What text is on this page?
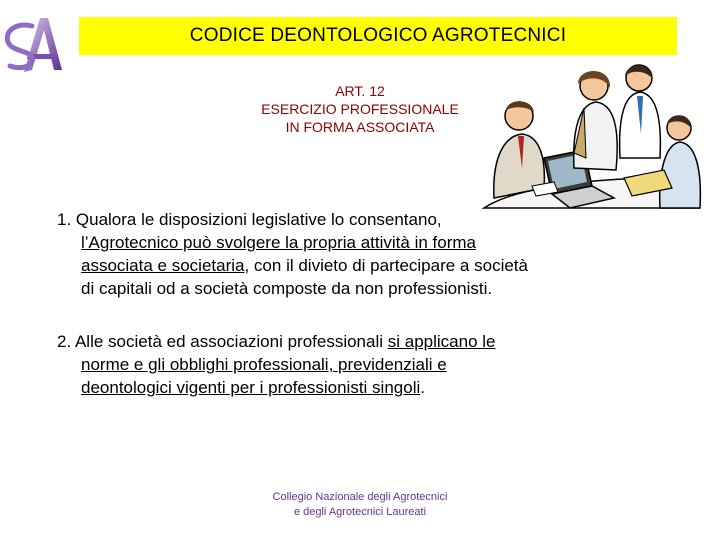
CODICE DEONTOLOGICO AGROTECNICI
ART. 12
ESERCIZIO PROFESSIONALE
IN FORMA ASSOCIATA
1. Qualora le disposizioni legislative lo consentano,
l’Agrotecnico può svolgere la propria attività in forma
associata e societaria, con il divieto di partecipare a società
di capitali od a società composte da non professionisti.
2. Alle società ed associazioni professionali si applicano le
norme e gli obblighi professionali, previdenziali e
deontologici vigenti per i professionisti singoli.
Collegio Nazionale degli Agrotecnici
e degli Agrotecnici Laureati
